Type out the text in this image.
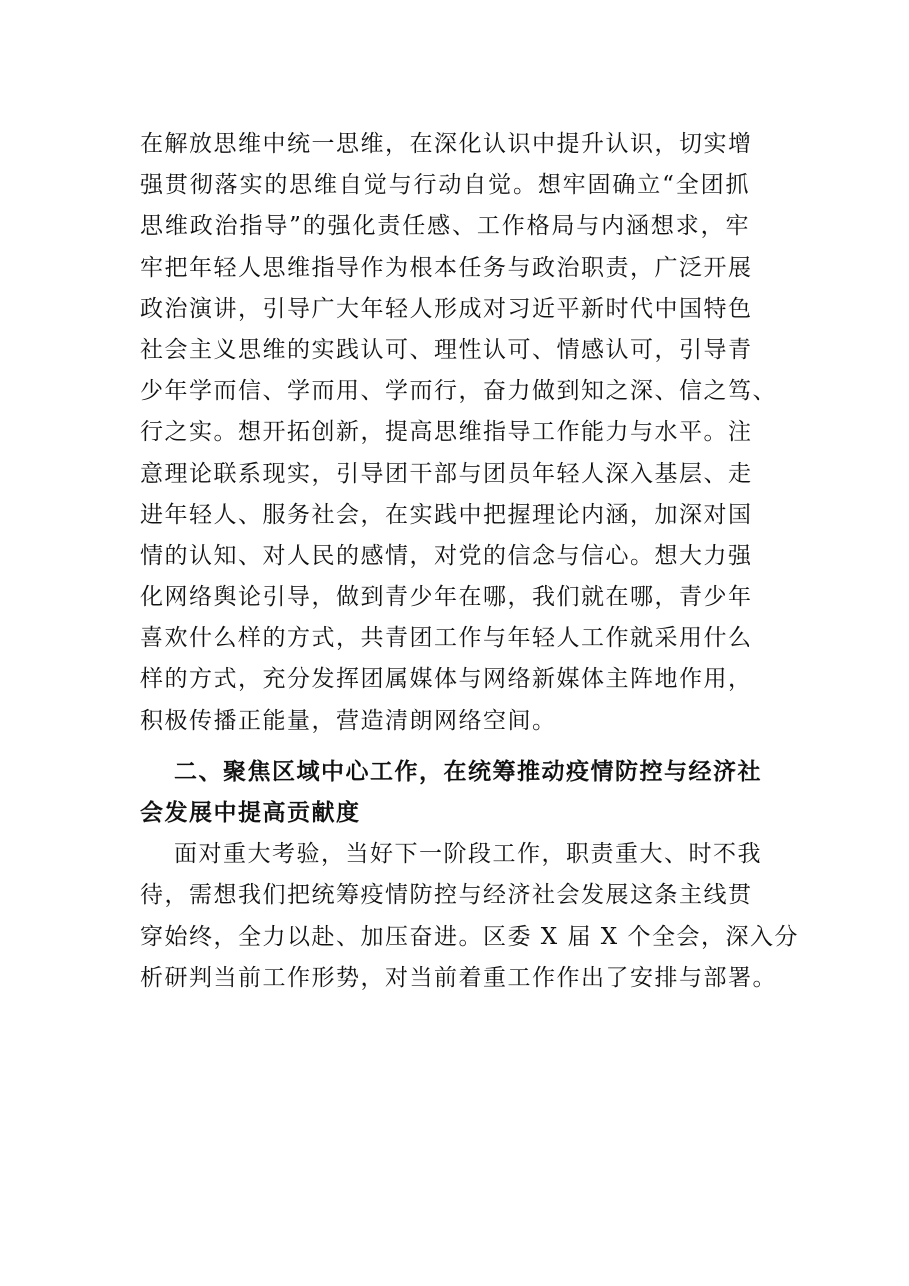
在解放思维中统一思维，在深化认识中提升认识，切实增
强贯彻落实的思维自觉与行动自觉。想牢固确立“全团抓
思维政治指导”的强化责任感、工作格局与内涵想求，牢
牢把年轻人思维指导作为根本任务与政治职责，广泛开展
政治演讲，引导广大年轻人形成对习近平新时代中国特色
社会主义思维的实践认可、理性认可、情感认可，引导青
少年学而信、学而用、学而行，奋力做到知之深、信之笃、
行之实。想开拓创新，提高思维指导工作能力与水平。注
意理论联系现实，引导团干部与团员年轻人深入基层、走
进年轻人、服务社会，在实践中把握理论内涵，加深对国
情的认知、对人民的感情，对党的信念与信心。想大力强
化网络舆论引导，做到青少年在哪，我们就在哪，青少年
喜欢什么样的方式，共青团工作与年轻人工作就采用什么
样的方式，充分发挥团属媒体与网络新媒体主阵地作用，
积极传播正能量，营造清朗网络空间。
二、聚焦区域中心工作，在统筹推动疫情防控与经济社
会发展中提高贡献度
面对重大考验，当好下一阶段工作，职责重大、时不我
待，需想我们把统筹疫情防控与经济社会发展这条主线贯
穿始终，全力以赴、加压奋进。区委 X 届 X 个全会，深入分
析研判当前工作形势，对当前着重工作作出了安排与部署。
